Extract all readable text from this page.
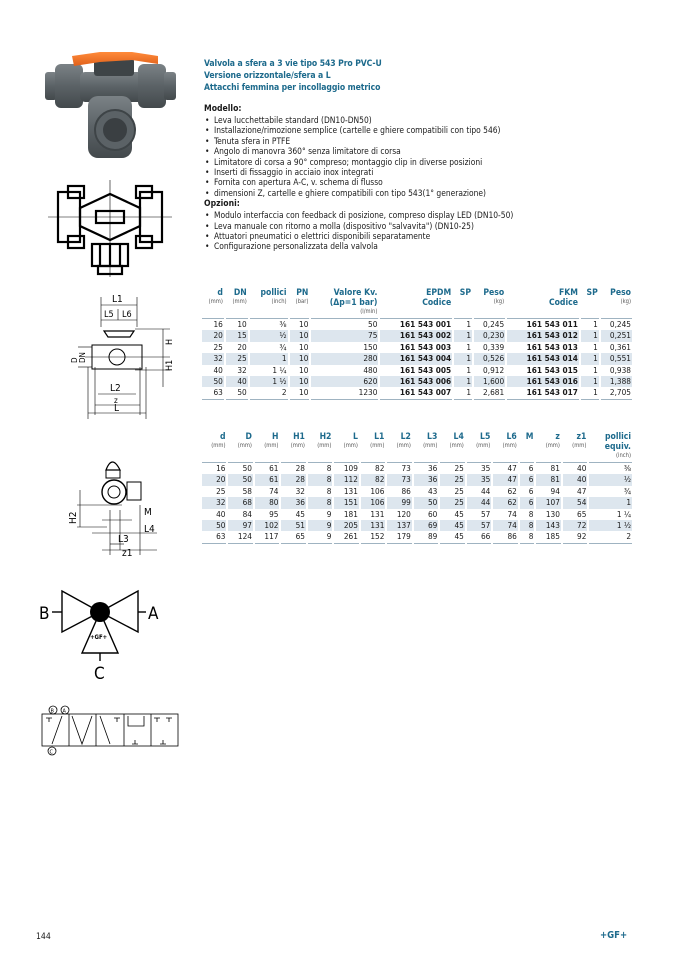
Valvola a sfera a 3 vie tipo 543 Pro PVC-U
Versione orizzontale/sfera a L
Attacchi femmina per incollaggio metrico
Modello:
• Leva lucchettabile standard (DN10-DN50)
• Installazione/rimozione semplice (cartelle e ghiere compatibili con tipo 546)
• Tenuta sfera in PTFE
• Angolo di manovra 360° senza limitatore di corsa
• Limitatore di corsa a 90° compreso; montaggio clip in diverse posizioni
• Inserti di fissaggio in acciaio inox integrati
• Fornita con apertura A-C, v. schema di flusso
• dimensioni Z, cartelle e ghiere compatibili con tipo 543(1° generazione)
Opzioni:
• Modulo interfaccia con feedback di posizione, compreso display LED (DN10-50)
• Leva manuale con ritorno a molla (dispositivo "salvavita") (DN10-25)
• Attuatori pneumatici o elettrici disponibili separatamente
• Configurazione personalizzata della valvola
L1
L5 L6
H
H1
D DN
L2
z
L
H2	M
L4
L3
z1
B	A
C
+GF+
B A
C
d
(mm)	DN
(mm)	pollici
(inch)	PN
(bar)	Valore Kv.
(Δp=1 bar)
(l/min)	EPDM
Codice	SP	Peso
(kg)	FKM
Codice	SP	Peso
(kg)

16	10	⅜	10	50	161 543 001	1	0,245	161 543 011	1	0,245
20	15	½	10	75	161 543 002	1	0,230	161 543 012	1	0,251
25	20	¾	10	150	161 543 003	1	0,339	161 543 013	1	0,361
32	25	1	10	280	161 543 004	1	0,526	161 543 014	1	0,551
40	32	1 ¼	10	480	161 543 005	1	0,912	161 543 015	1	0,938
50	40	1 ½	10	620	161 543 006	1	1,600	161 543 016	1	1,388
63	50	2	10	1230	161 543 007	1	2,681	161 543 017	1	2,705
d
(mm)	D
(mm)	H
(mm)	H1
(mm)	H2
(mm)	L
(mm)	L1
(mm)	L2
(mm)	L3
(mm)	L4
(mm)	L5
(mm)	L6
(mm)	M	z
(mm)	z1
(mm)	pollici
equiv.
(inch)

16	50	61	28	8	109	82	73	36	25	35	47	6	81	40	⅜
20	50	61	28	8	112	82	73	36	25	35	47	6	81	40	½
25	58	74	32	8	131	106	86	43	25	44	62	6	94	47	¾
32	68	80	36	8	151	106	99	50	25	44	62	6	107	54	1
40	84	95	45	9	181	131	120	60	45	57	74	8	130	65	1 ¼
50	97	102	51	9	205	131	137	69	45	57	74	8	143	72	1 ½
63	124	117	65	9	261	152	179	89	45	66	86	8	185	92	2
144	+GF+
